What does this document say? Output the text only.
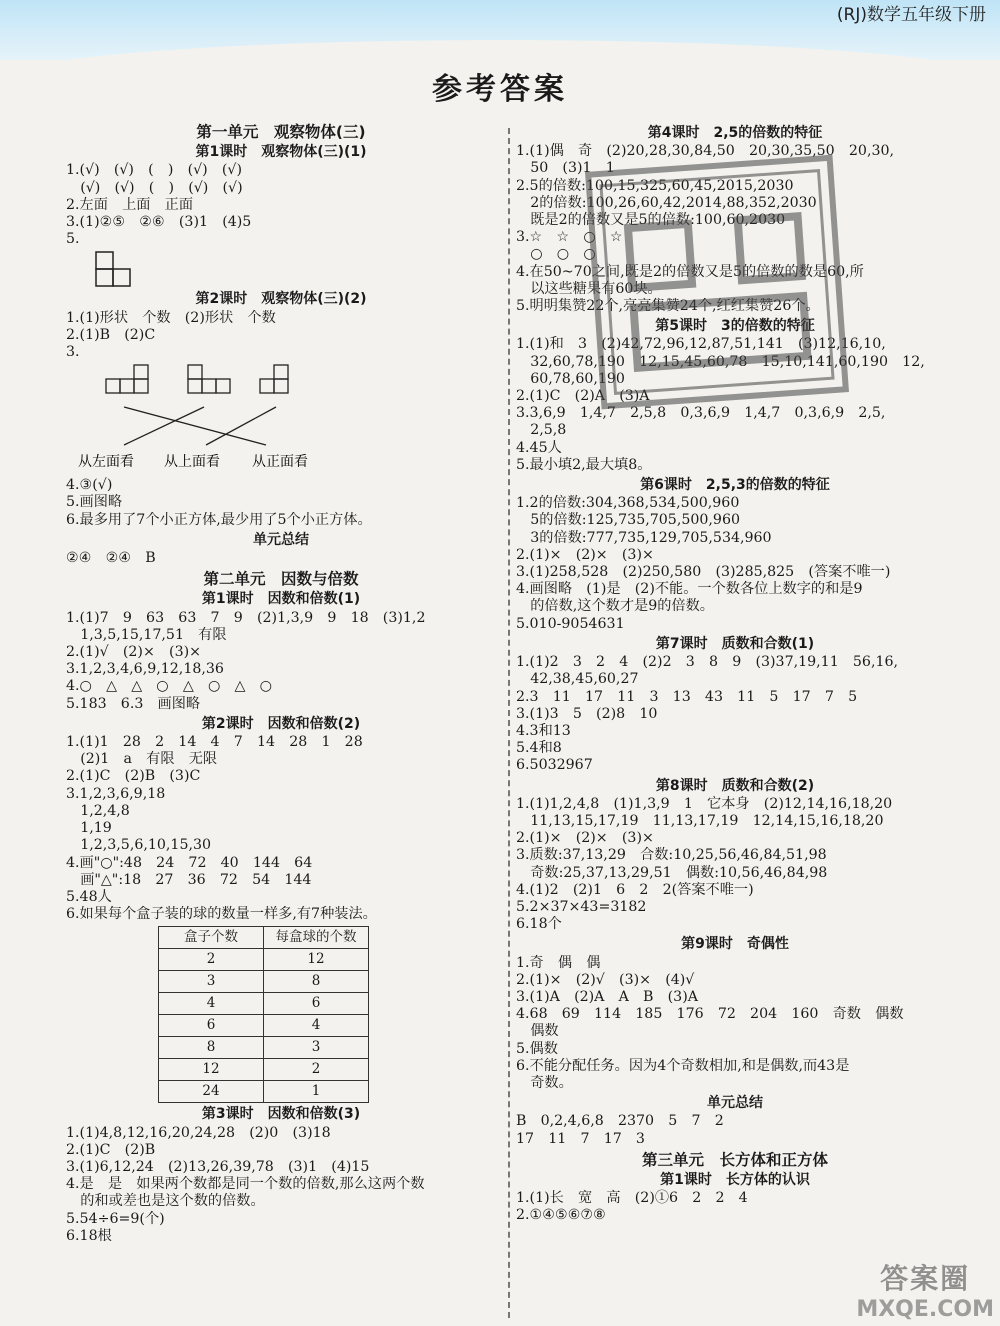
(RJ)数学五年级下册
参考答案
第一单元　观察物体(三)
第1课时　观察物体(三)(1)
1.(√)　(√)　(　)　(√)　(√)
　(√)　(√)　(　)　(√)　(√)
2.左面　上面　正面
3.(1)②⑤　②⑥　(3)1　(4)5
5.
第2课时　观察物体(三)(2)
1.(1)形状　个数　(2)形状　个数
2.(1)B　(2)C
3.
从左面看 从上面看 从正面看
4.③(√)
5.画图略
6.最多用了7个小正方体,最少用了5个小正方体。
单元总结
②④　②④　B
第二单元　因数与倍数
第1课时　因数和倍数(1)
1.(1)7　9　63　63　7　9　(2)1,3,9　9　18　(3)1,2
　1,3,5,15,17,51　有限
2.(1)√　(2)×　(3)×
3.1,2,3,4,6,9,12,18,36
4.○　△　△　○　△　○　△　○
5.183　6.3　画图略
第2课时　因数和倍数(2)
1.(1)1　28　2　14　4　7　14　28　1　28
　(2)1　a　有限　无限
2.(1)C　(2)B　(3)C
3.1,2,3,6,9,18
　1,2,4,8
　1,19
　1,2,3,5,6,10,15,30
4.画"○":48　24　72　40　144　64
　画"△":18　27　36　72　54　144
5.48人
6.如果每个盒子装的球的数量一样多,有7种装法。
盒子个数	每盒球的个数
2	12
3	8
4	6
6	4
8	3
12	2
24	1
第3课时　因数和倍数(3)
1.(1)4,8,12,16,20,24,28　(2)0　(3)18
2.(1)C　(2)B
3.(1)6,12,24　(2)13,26,39,78　(3)1　(4)15
4.是　是　如果两个数都是同一个数的倍数,那么这两个数
　的和或差也是这个数的倍数。
5.54÷6=9(个)
6.18根
第4课时　2,5的倍数的特征
1.(1)偶　奇　(2)20,28,30,84,50　20,30,35,50　20,30,
　50　(3)1　1
2.5的倍数:100,15,325,60,45,2015,2030
　2的倍数:100,26,60,42,2014,88,352,2030
　既是2的倍数又是5的倍数:100,60,2030
3.☆　☆　○　☆
　○　○　○
4.在50~70之间,既是2的倍数又是5的倍数的数是60,所
　以这些糖果有60块。
5.明明集赞22个,亮亮集赞24个,红红集赞26个。
第5课时　3的倍数的特征
1.(1)和　3　(2)42,72,96,12,87,51,141　(3)12,16,10,
　32,60,78,190　12,15,45,60,78　15,10,141,60,190　12,
　60,78,60,190
2.(1)C　(2)A　(3)A
3.3,6,9　1,4,7　2,5,8　0,3,6,9　1,4,7　0,3,6,9　2,5,
　2,5,8
4.45人
5.最小填2,最大填8。
第6课时　2,5,3的倍数的特征
1.2的倍数:304,368,534,500,960
　5的倍数:125,735,705,500,960
　3的倍数:777,735,129,705,534,960
2.(1)×　(2)×　(3)×
3.(1)258,528　(2)250,580　(3)285,825　(答案不唯一)
4.画图略　(1)是　(2)不能。一个数各位上数字的和是9
　的倍数,这个数才是9的倍数。
5.010-9054631
第7课时　质数和合数(1)
1.(1)2　3　2　4　(2)2　3　8　9　(3)37,19,11　56,16,
　42,38,45,60,27
2.3　11　17　11　3　13　43　11　5　17　7　5
3.(1)3　5　(2)8　10
4.3和13
5.4和8
6.5032967
第8课时　质数和合数(2)
1.(1)1,2,4,8　(1)1,3,9　1　它本身　(2)12,14,16,18,20
　11,13,15,17,19　11,13,17,19　12,14,15,16,18,20
2.(1)×　(2)×　(3)×
3.质数:37,13,29　合数:10,25,56,46,84,51,98
　奇数:25,37,13,29,51　偶数:10,56,46,84,98
4.(1)2　(2)1　6　2　2(答案不唯一)
5.2×37×43=3182
6.18个
第9课时　奇偶性
1.奇　偶　偶
2.(1)×　(2)√　(3)×　(4)√
3.(1)A　(2)A　A　B　(3)A
4.68　69　114　185　176　72　204　160　奇数　偶数
　偶数
5.偶数
6.不能分配任务。因为4个奇数相加,和是偶数,而43是
　奇数。
单元总结
B　0,2,4,6,8　2370　5　7　2
17　11　7　17　3
第三单元　长方体和正方体
第1课时　长方体的认识
1.(1)长　宽　高　(2)①6　2　2　4
2.①④⑤⑥⑦⑧
答案圈
MXQE.COM
